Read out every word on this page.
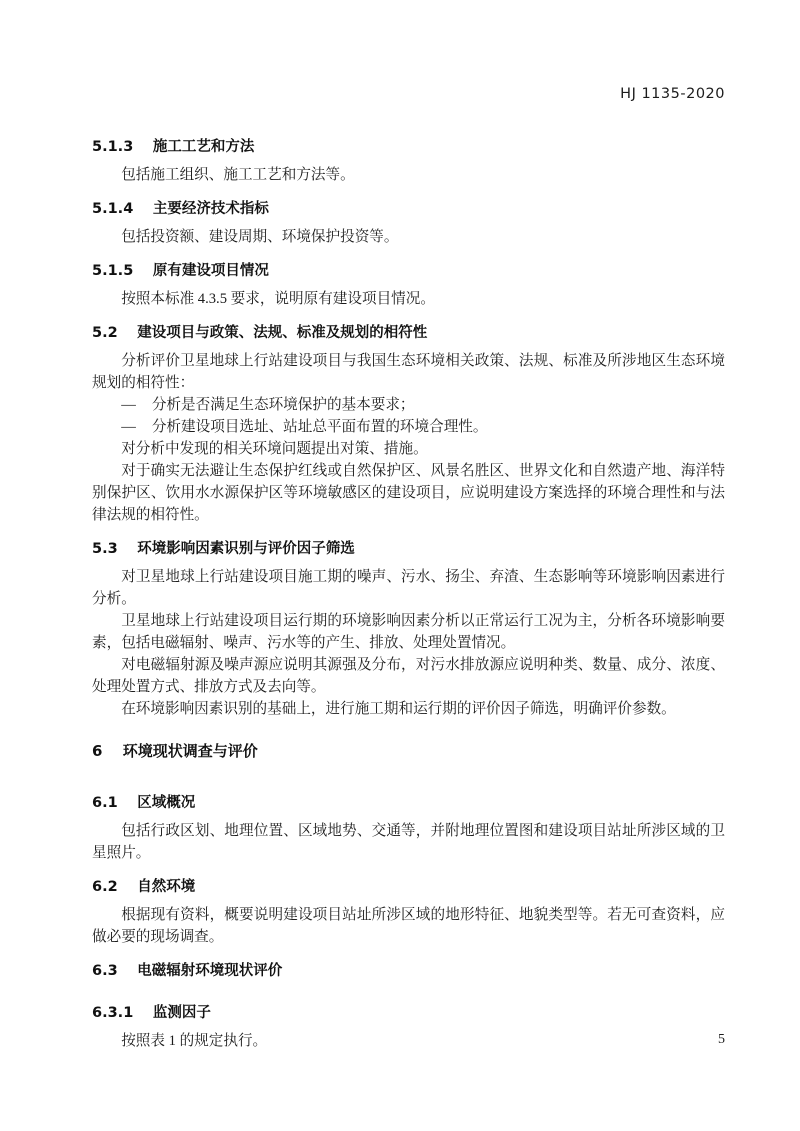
HJ 1135-2020
5.1.3 施工工艺和方法

包括施工组织、施工工艺和方法等。

5.1.4 主要经济技术指标

包括投资额、建设周期、环境保护投资等。

5.1.5 原有建设项目情况

按照本标准 4.3.5 要求，说明原有建设项目情况。

5.2 建设项目与政策、法规、标准及规划的相符性

分析评价卫星地球上行站建设项目与我国生态环境相关政策、法规、标准及所涉地区生态环境规划的相符性：

— 分析是否满足生态环境保护的基本要求；

— 分析建设项目选址、站址总平面布置的环境合理性。

对分析中发现的相关环境问题提出对策、措施。

对于确实无法避让生态保护红线或自然保护区、风景名胜区、世界文化和自然遗产地、海洋特别保护区、饮用水水源保护区等环境敏感区的建设项目，应说明建设方案选择的环境合理性和与法律法规的相符性。

5.3 环境影响因素识别与评价因子筛选

对卫星地球上行站建设项目施工期的噪声、污水、扬尘、弃渣、生态影响等环境影响因素进行分析。

卫星地球上行站建设项目运行期的环境影响因素分析以正常运行工况为主，分析各环境影响要素，包括电磁辐射、噪声、污水等的产生、排放、处理处置情况。

对电磁辐射源及噪声源应说明其源强及分布，对污水排放源应说明种类、数量、成分、浓度、处理处置方式、排放方式及去向等。

在环境影响因素识别的基础上，进行施工期和运行期的评价因子筛选，明确评价参数。

6 环境现状调查与评价
6.1 区域概况

包括行政区划、地理位置、区域地势、交通等，并附地理位置图和建设项目站址所涉区域的卫星照片。

6.2 自然环境

根据现有资料，概要说明建设项目站址所涉区域的地形特征、地貌类型等。若无可查资料，应做必要的现场调查。

6.3 电磁辐射环境现状评价
6.3.1 监测因子

按照表 1 的规定执行。	5
